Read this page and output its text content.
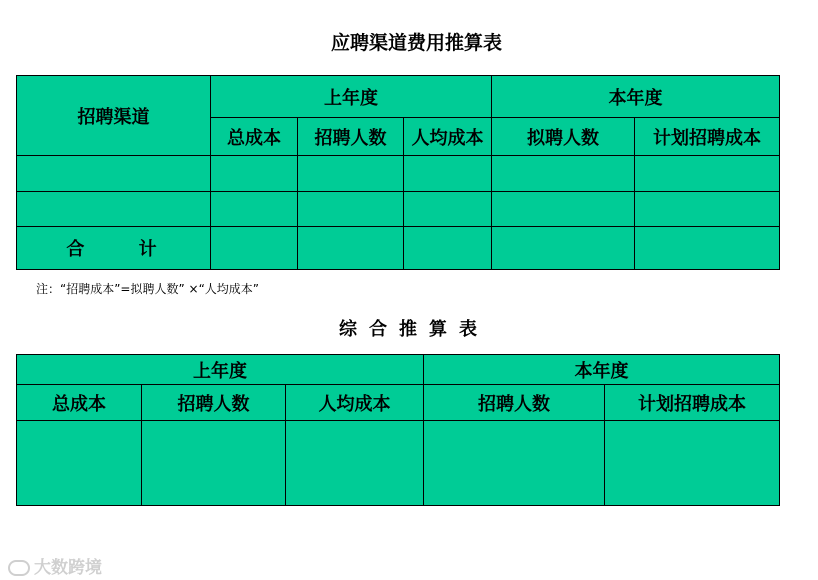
应聘渠道费用推算表
招聘渠道	上年度			本年度	
	总成本	招聘人数	人均成本	拟聘人数	计划招聘成本

合 计					
注：“招聘成本”=拟聘人数” ×“人均成本”
综合推算表
上年度			本年度	
总成本	招聘人数	人均成本	招聘人数	计划招聘成本

大数跨境
